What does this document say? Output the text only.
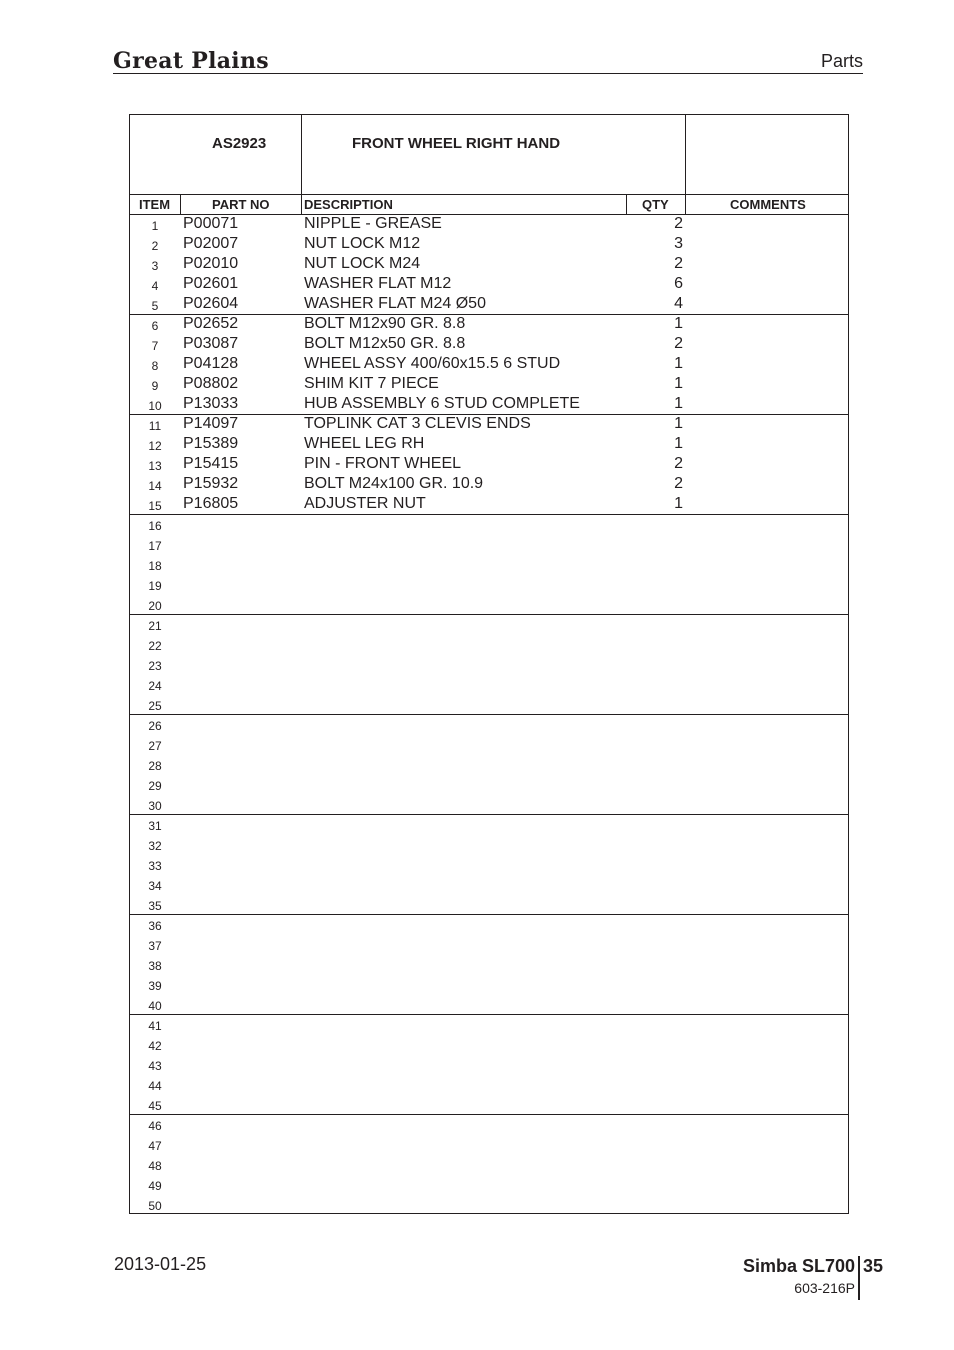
Great Plains	Parts
AS2923	FRONT WHEEL RIGHT HAND
ITEM	PART NO	DESCRIPTION	QTY	COMMENTS
1	P00071	NIPPLE - GREASE	2
2	P02007	NUT LOCK M12	3
3	P02010	NUT LOCK M24	2
4	P02601	WASHER FLAT M12	6
5	P02604	WASHER FLAT M24 Ø50	4
6	P02652	BOLT M12x90 GR. 8.8	1
7	P03087	BOLT M12x50 GR. 8.8	2
8	P04128	WHEEL ASSY 400/60x15.5 6 STUD	1
9	P08802	SHIM KIT 7 PIECE	1
10	P13033	HUB ASSEMBLY 6 STUD COMPLETE	1
11	P14097	TOPLINK CAT 3 CLEVIS ENDS	1
12	P15389	WHEEL LEG RH	1
13	P15415	PIN - FRONT WHEEL	2
14	P15932	BOLT M24x100 GR. 10.9	2
15	P16805	ADJUSTER NUT	1
16
17
18
19
20
21
22
23
24
25
26
27
28
29
30
31
32
33
34
35
36
37
38
39
40
41
42
43
44
45
46
47
48
49
50
2013-01-25	Simba SL700
603-216P
35
